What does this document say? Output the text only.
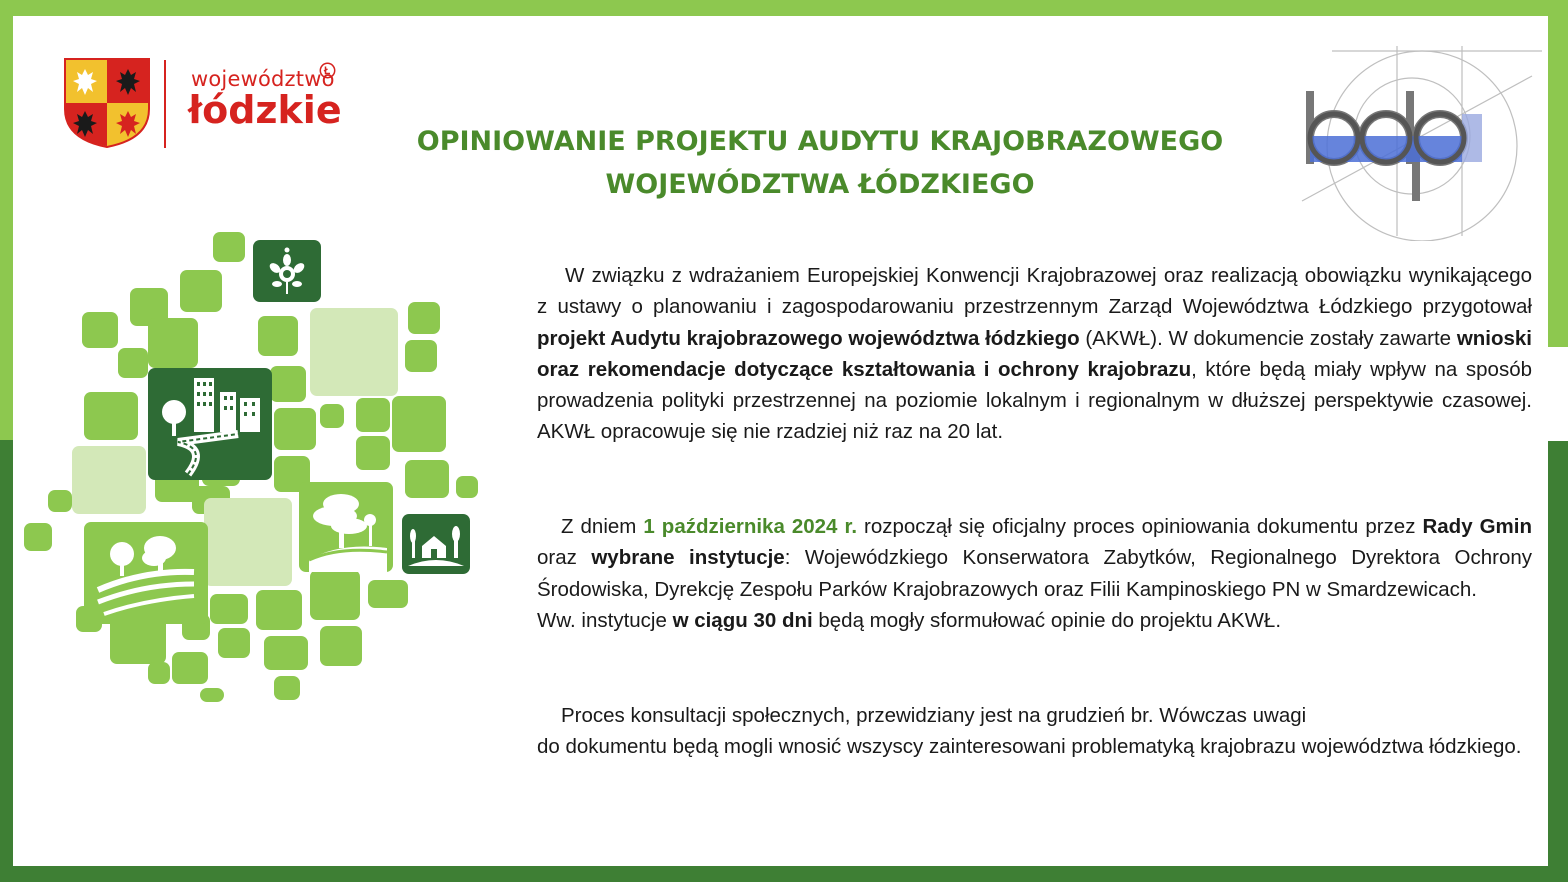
województwo
łódzkie
OPINIOWANIE PROJEKTU AUDYTU KRAJOBRAZOWEGO
WOJEWÓDZTWA ŁÓDZKIEGO

W związku z wdrażaniem Europejskiej Konwencji Krajobrazowej oraz realizacją obowiązku wynikającego z ustawy o planowaniu i zagospodarowaniu przestrzennym Zarząd Województwa Łódzkiego przygotował projekt Audytu krajobrazowego województwa łódzkiego (AKWŁ). W dokumencie zostały zawarte wnioski oraz rekomendacje dotyczące kształtowania i ochrony krajobrazu, które będą miały wpływ na sposób prowadzenia polityki przestrzennej na poziomie lokalnym i regionalnym w dłuższej perspektywie czasowej. AKWŁ opracowuje się nie rzadziej niż raz na 20 lat.

Z dniem 1 października 2024 r. rozpoczął się oficjalny proces opiniowania dokumentu przez Rady Gmin oraz wybrane instytucje: Wojewódzkiego Konserwatora Zabytków, Regionalnego Dyrektora Ochrony Środowiska, Dyrekcję Zespołu Parków Krajobrazowych oraz Filii Kampinoskiego PN w Smardzewicach.

Ww. instytucje w ciągu 30 dni będą mogły sformułować opinie do projektu AKWŁ.

Proces konsultacji społecznych, przewidziany jest na grudzień br. Wówczas uwagi

do dokumentu będą mogli wnosić wszyscy zainteresowani problematyką krajobrazu województwa łódzkiego.
